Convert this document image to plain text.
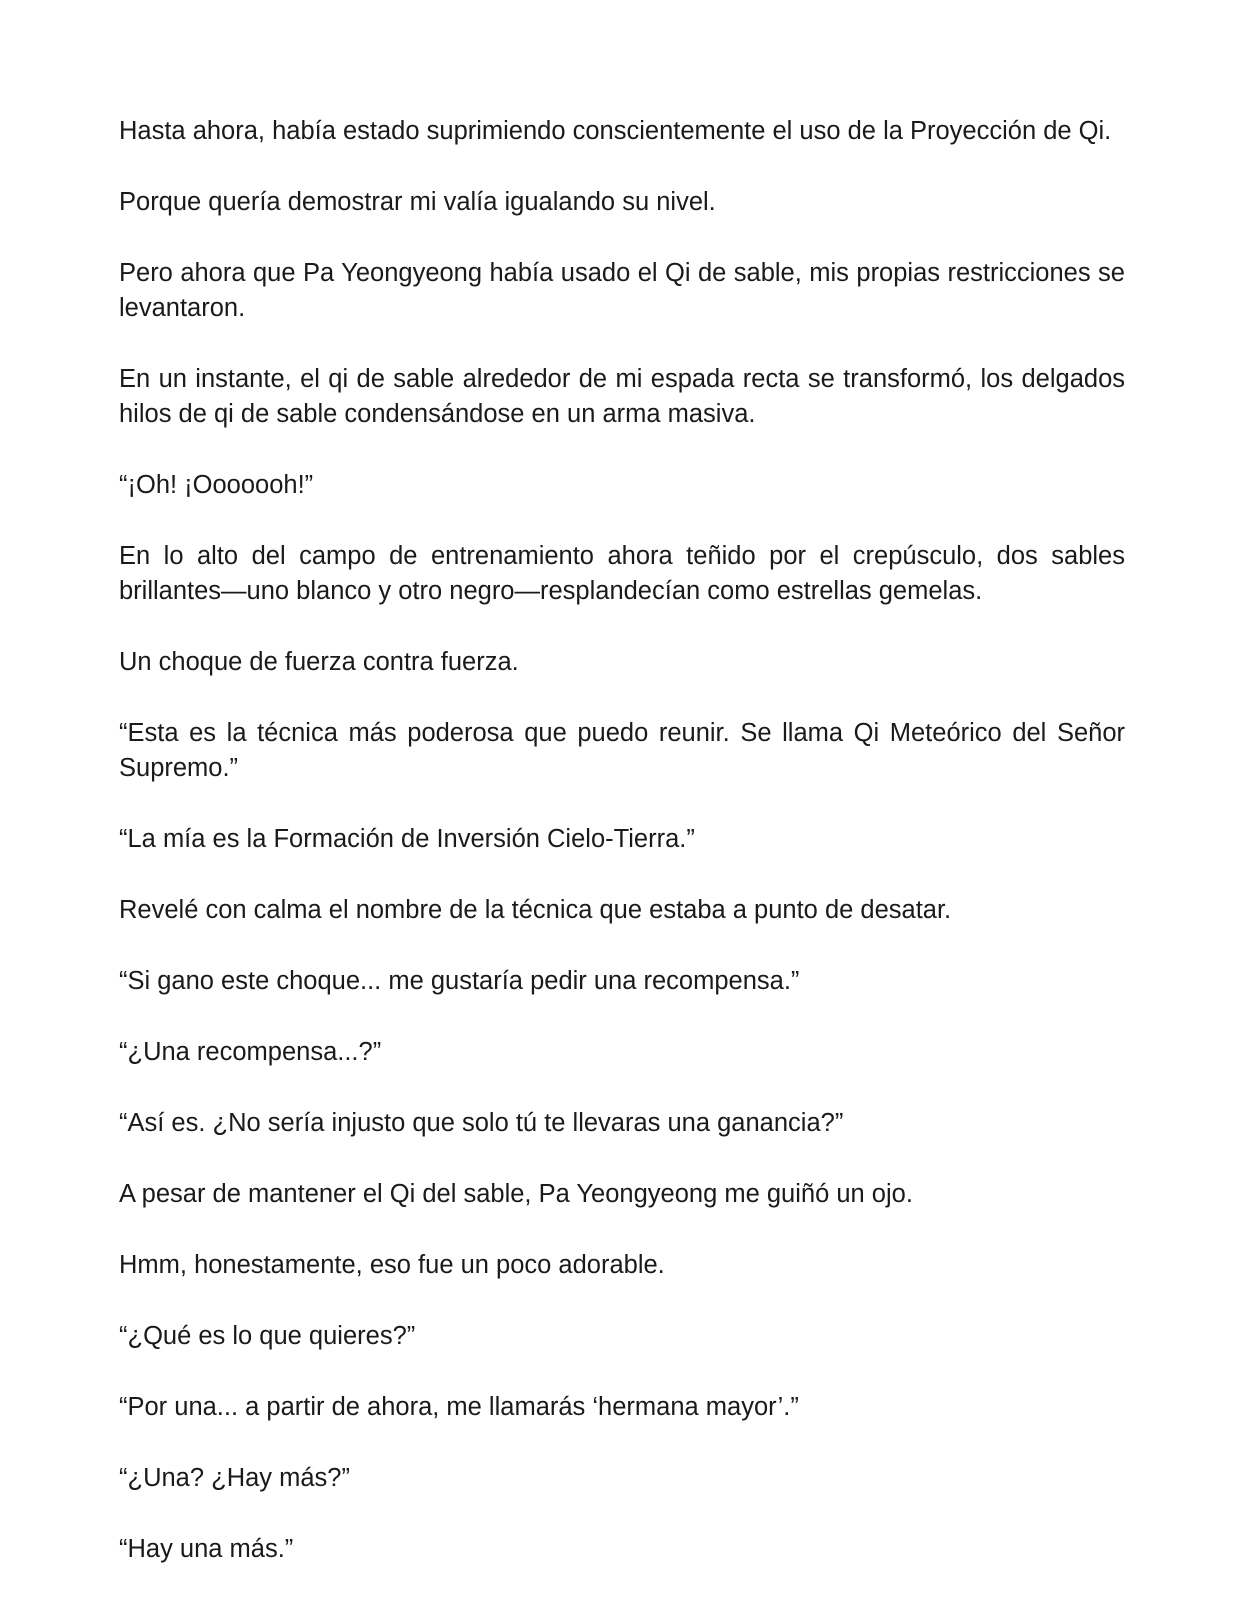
Hasta ahora, había estado suprimiendo conscientemente el uso de la Proyección de Qi.

Porque quería demostrar mi valía igualando su nivel.

Pero ahora que Pa Yeongyeong había usado el Qi de sable, mis propias restricciones se levantaron.

En un instante, el qi de sable alrededor de mi espada recta se transformó, los delgados hilos de qi de sable condensándose en un arma masiva.

“¡Oh! ¡Ooooooh!”

En lo alto del campo de entrenamiento ahora teñido por el crepúsculo, dos sables brillantes—uno blanco y otro negro—resplandecían como estrellas gemelas.

Un choque de fuerza contra fuerza.

“Esta es la técnica más poderosa que puedo reunir. Se llama Qi Meteórico del Señor Supremo.”

“La mía es la Formación de Inversión Cielo-Tierra.”

Revelé con calma el nombre de la técnica que estaba a punto de desatar.

“Si gano este choque... me gustaría pedir una recompensa.”

“¿Una recompensa...?”

“Así es. ¿No sería injusto que solo tú te llevaras una ganancia?”

A pesar de mantener el Qi del sable, Pa Yeongyeong me guiñó un ojo.

Hmm, honestamente, eso fue un poco adorable.

“¿Qué es lo que quieres?”

“Por una... a partir de ahora, me llamarás ‘hermana mayor’.”

“¿Una? ¿Hay más?”

“Hay una más.”
